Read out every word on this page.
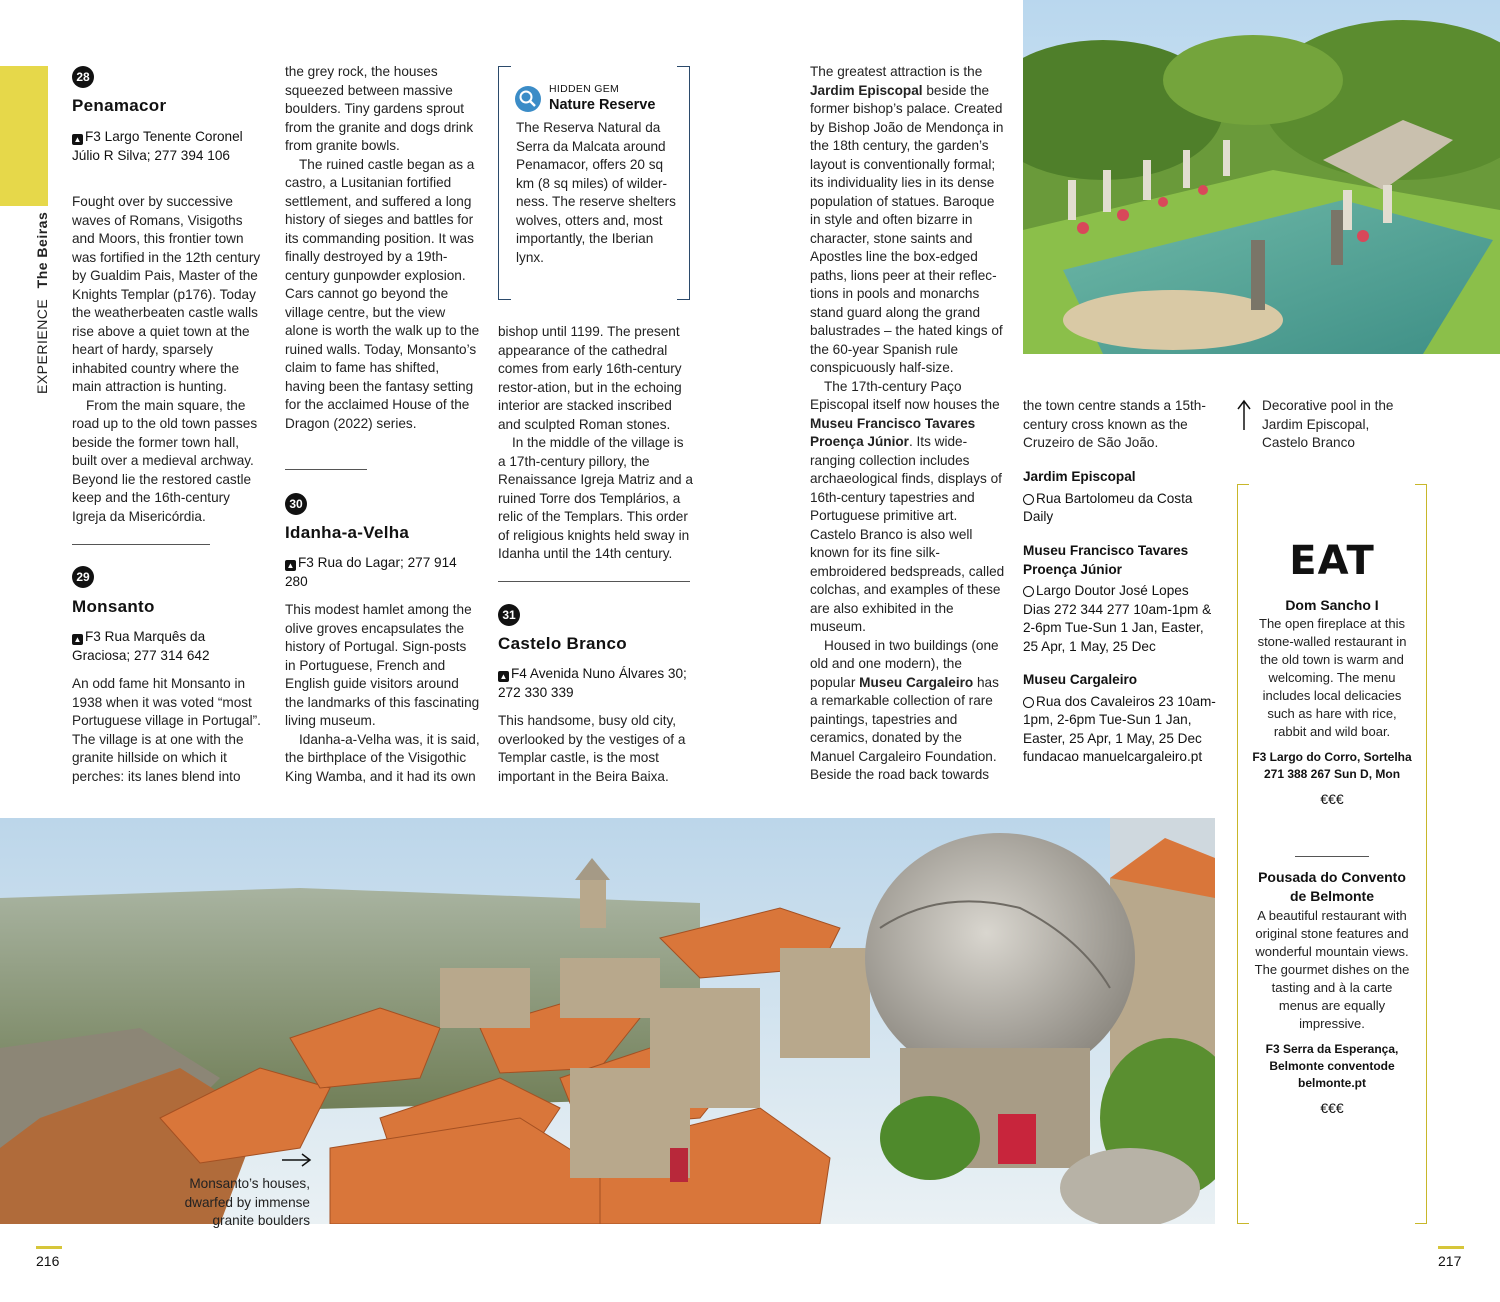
EXPERIENCE The Beiras
28
Penamacor
▲ F3 Largo Tenente Coronel Júlio R Silva; 277 394 106

Fought over by successive waves of Romans, Visigoths and Moors, this frontier town was fortified in the 12th century by Gualdim Pais, Master of the Knights Templar (p176). Today the weatherbeaten castle walls rise above a quiet town at the heart of hardy, sparsely inhabited country where the main attraction is hunting.

From the main square, the road up to the old town passes beside the former town hall, built over a medieval archway. Beyond lie the restored castle keep and the 16th-century Igreja da Misericórdia.

29
Monsanto
▲ F3 Rua Marquês da Graciosa; 277 314 642

An odd fame hit Monsanto in 1938 when it was voted “most Portuguese village in Portugal”. The village is at one with the granite hillside on which it perches: its lanes blend into

the grey rock, the houses squeezed between massive boulders. Tiny gardens sprout from the granite and dogs drink from granite bowls.

The ruined castle began as a castro, a Lusitanian fortified settlement, and suffered a long history of sieges and battles for its commanding position. It was finally destroyed by a 19th-century gunpowder explosion. Cars cannot go beyond the village centre, but the view alone is worth the walk up to the ruined walls. Today, Monsanto’s claim to fame has shifted, having been the fantasy setting for the acclaimed House of the Dragon (2022) series.

30
Idanha-a-Velha
▲ F3 Rua do Lagar; 277 914 280

This modest hamlet among the olive groves encapsulates the history of Portugal. Sign-posts in Portuguese, French and English guide visitors around the landmarks of this fascinating living museum.

Idanha-a-Velha was, it is said, the birthplace of the Visigothic King Wamba, and it had its own

HIDDEN GEM
Nature Reserve
The Reserva Natural da Serra da Malcata around Penamacor, offers 20 sq km (8 sq miles) of wilder-ness. The reserve shelters wolves, otters and, most importantly, the Iberian lynx.

bishop until 1199. The present appearance of the cathedral comes from early 16th-century restor-ation, but in the echoing interior are stacked inscribed and sculpted Roman stones.

In the middle of the village is a 17th-century pillory, the Renaissance Igreja Matriz and a ruined Torre dos Templários, a relic of the Templars. This order of religious knights held sway in Idanha until the 14th century.

31
Castelo Branco
▲ F4 Avenida Nuno Álvares 30; 272 330 339

This handsome, busy old city, overlooked by the vestiges of a Templar castle, is the most important in the Beira Baixa.

The greatest attraction is the Jardim Episcopal beside the former bishop’s palace. Created by Bishop João de Mendonça in the 18th century, the garden’s layout is conventionally formal; its individuality lies in its dense population of statues. Baroque in style and often bizarre in character, stone saints and Apostles line the box-edged paths, lions peer at their reflec-tions in pools and monarchs stand guard along the grand balustrades – the hated kings of the 60-year Spanish rule conspicuously half-size.

The 17th-century Paço Episcopal itself now houses the Museu Francisco Tavares Proença Júnior. Its wide-ranging collection includes archaeological finds, displays of 16th-century tapestries and Portuguese primitive art. Castelo Branco is also well known for its fine silk-embroidered bedspreads, called colchas, and examples of these are also exhibited in the museum.

Housed in two buildings (one old and one modern), the popular Museu Cargaleiro has a remarkable collection of rare paintings, tapestries and ceramics, donated by the Manuel Cargaleiro Foundation. Beside the road back towards

the town centre stands a 15th-century cross known as the Cruzeiro de São João.

Jardim Episcopal
Rua Bartolomeu da Costa Daily
Museu Francisco Tavares Proença Júnior
Largo Doutor José Lopes Dias 272 344 277 10am-1pm & 2-6pm Tue-Sun 1 Jan, Easter, 25 Apr, 1 May, 25 Dec
Museu Cargaleiro
Rua dos Cavaleiros 23 10am-1pm, 2-6pm Tue-Sun 1 Jan, Easter, 25 Apr, 1 May, 25 Dec fundacao manuelcargaleiro.pt
Decorative pool in the Jardim Episcopal, Castelo Branco
EAT
Dom Sancho I
The open fireplace at this stone-walled restaurant in the old town is warm and welcoming. The menu includes local delicacies such as hare with rice, rabbit and wild boar.
F3 Largo do Corro, Sortelha 271 388 267 Sun D, Mon
€€€
Pousada do Convento de Belmonte
A beautiful restaurant with original stone features and wonderful mountain views. The gourmet dishes on the tasting and à la carte menus are equally impressive.
F3 Serra da Esperança, Belmonte conventode belmonte.pt
€€€
Monsanto’s houses, dwarfed by immense granite boulders
216	217
